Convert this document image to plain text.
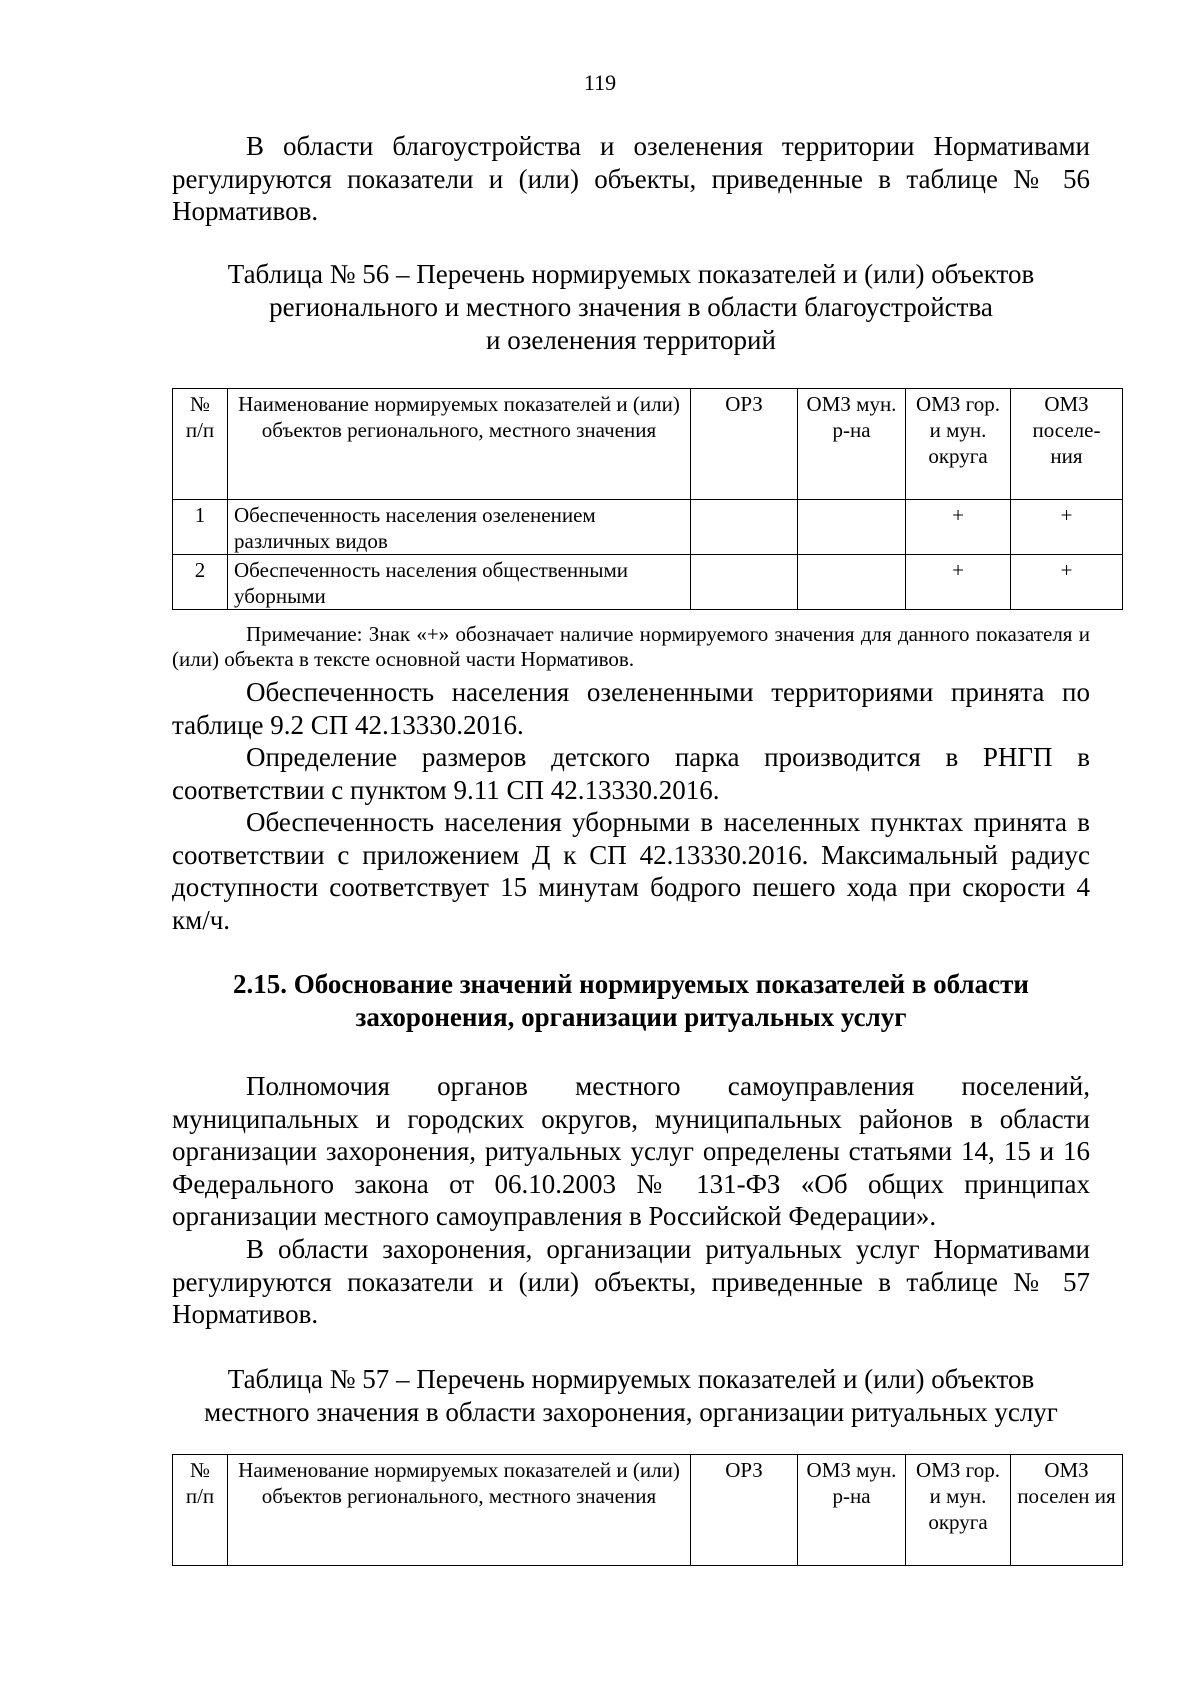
119
В области благоустройства и озеленения территории Нормативами регулируются показатели и (или) объекты, приведенные в таблице № 56 Нормативов.
Таблица № 56 – Перечень нормируемых показателей и (или) объектов
регионального и местного значения в области благоустройства
и озеленения территорий
№ п/п	Наименование нормируемых показателей и (или) объектов регионального, местного значения	ОРЗ	ОМЗ мун. р-на	ОМЗ гор. и мун. округа	ОМЗ поселе-ния
1	Обеспеченность населения озеленением различных видов			+	+
2	Обеспеченность населения общественными уборными			+	+
Примечание: Знак «+» обозначает наличие нормируемого значения для данного показателя и (или) объекта в тексте основной части Нормативов.
Обеспеченность населения озелененными территориями принята по таблице 9.2 СП 42.13330.2016.
Определение размеров детского парка производится в РНГП в соответствии с пунктом 9.11 СП 42.13330.2016.
Обеспеченность населения уборными в населенных пунктах принята в соответствии с приложением Д к СП 42.13330.2016. Максимальный радиус доступности соответствует 15 минутам бодрого пешего хода при скорости 4 км/ч.
2.15. Обоснование значений нормируемых показателей в области
захоронения, организации ритуальных услуг
Полномочия органов местного самоуправления поселений, муниципальных и городских округов, муниципальных районов в области организации захоронения, ритуальных услуг определены статьями 14, 15 и 16 Федерального закона от 06.10.2003 № 131-ФЗ «Об общих принципах организации местного самоуправления в Российской Федерации».
В области захоронения, организации ритуальных услуг Нормативами регулируются показатели и (или) объекты, приведенные в таблице № 57 Нормативов.
Таблица № 57 – Перечень нормируемых показателей и (или) объектов
местного значения в области захоронения, организации ритуальных услуг
№ п/п	Наименование нормируемых показателей и (или) объектов регионального, местного значения	ОРЗ	ОМЗ мун. р-на	ОМЗ гор. и мун. округа	ОМЗ поселен ия
